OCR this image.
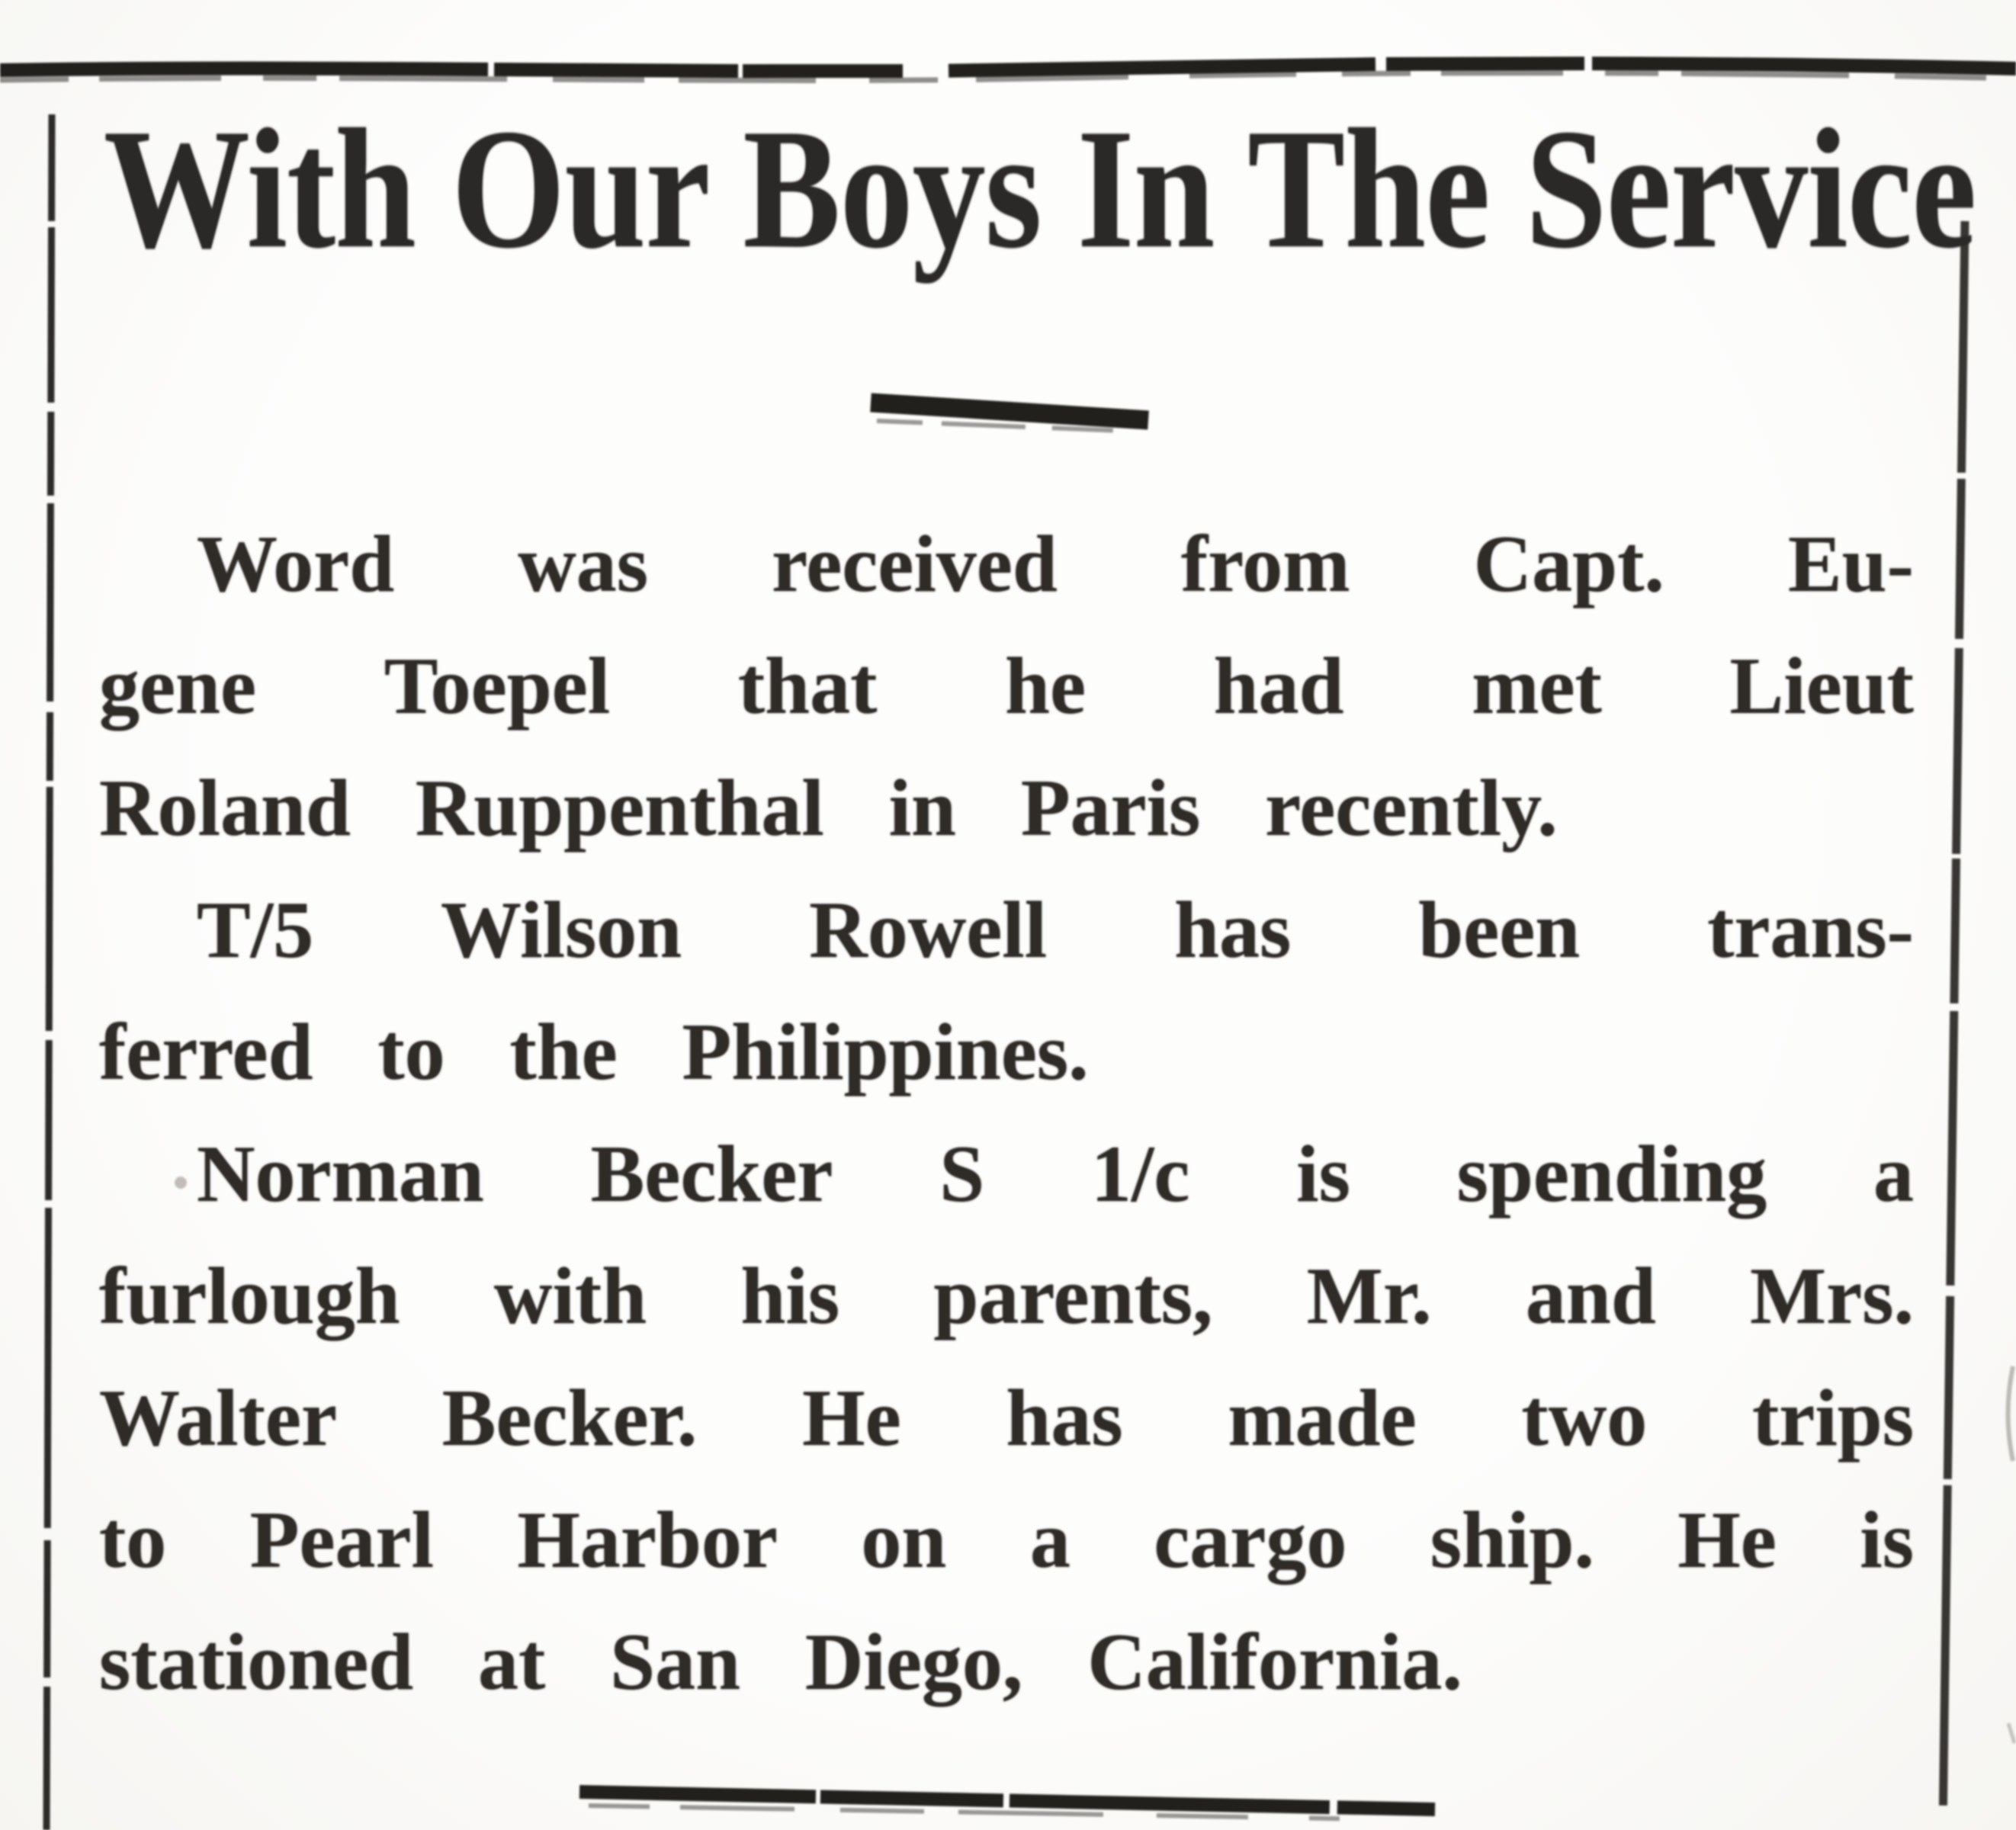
With Our Boys In The Service
Word was received from Capt. Eu-
gene Toepel that he had met Lieut
Roland Ruppenthal in Paris recently.
T/5 Wilson Rowell has been trans-
ferred to the Philippines.
Norman Becker S 1/c is spending a
furlough with his parents, Mr. and Mrs.
Walter Becker. He has made two trips
to Pearl Harbor on a cargo ship. He is
stationed at San Diego, California.
